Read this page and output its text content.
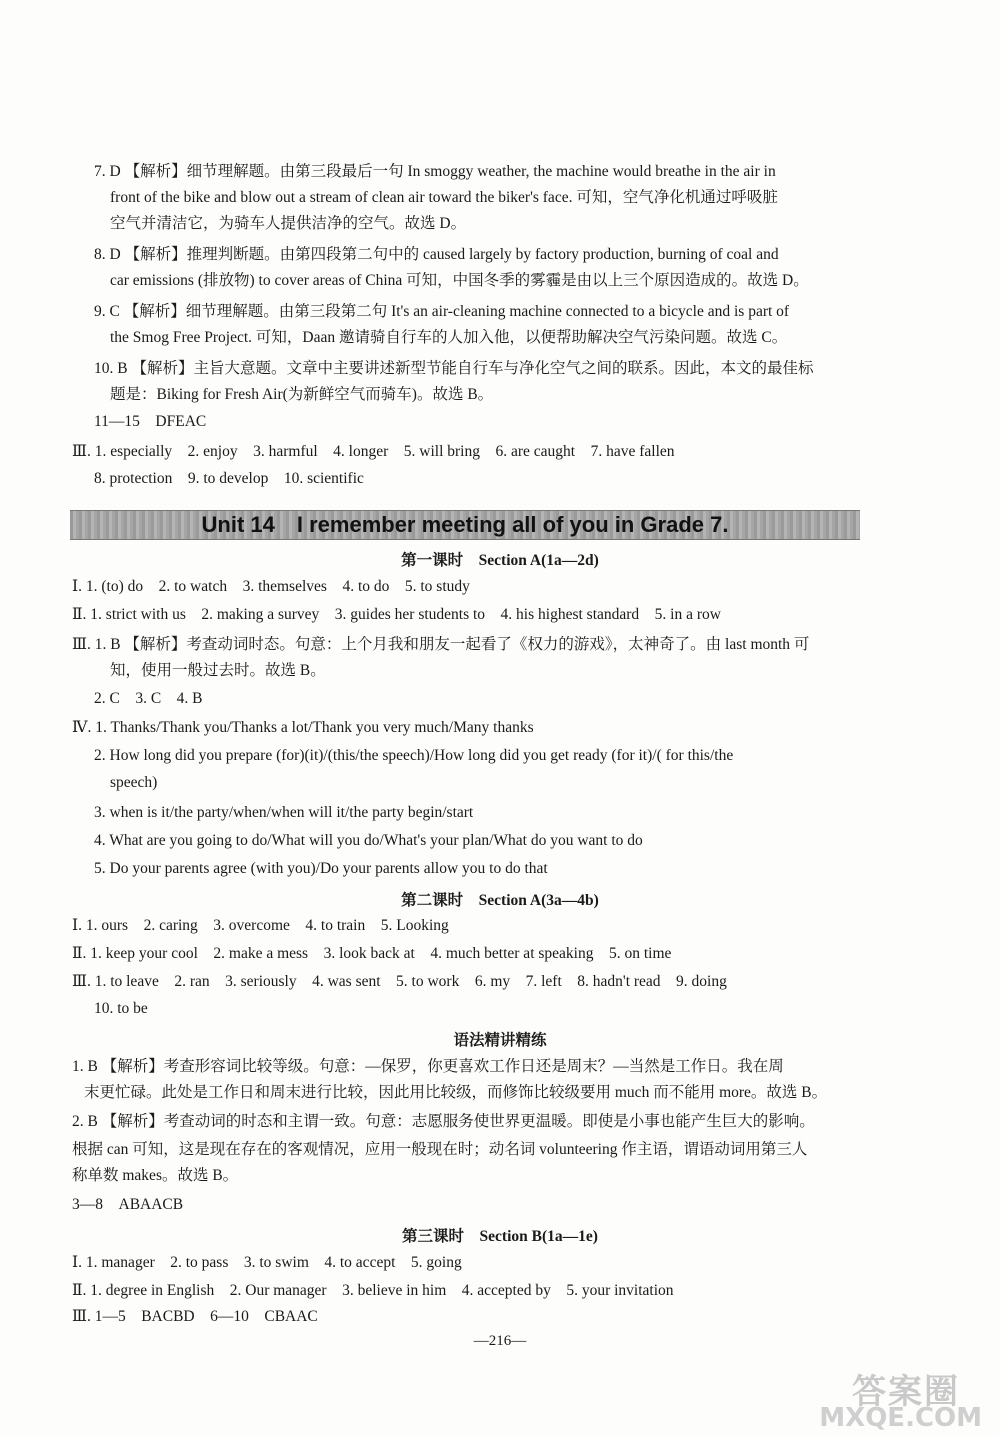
7. D 【解析】细节理解题。由第三段最后一句 In smoggy weather, the machine would breathe in the air in
front of the bike and blow out a stream of clean air toward the biker's face. 可知，空气净化机通过呼吸脏
空气并清洁它，为骑车人提供洁净的空气。故选 D。
8. D 【解析】推理判断题。由第四段第二句中的 caused largely by factory production, burning of coal and
car emissions (排放物) to cover areas of China 可知，中国冬季的雾霾是由以上三个原因造成的。故选 D。
9. C 【解析】细节理解题。由第三段第二句 It's an air-cleaning machine connected to a bicycle and is part of
the Smog Free Project. 可知，Daan 邀请骑自行车的人加入他，以便帮助解决空气污染问题。故选 C。
10. B 【解析】主旨大意题。文章中主要讲述新型节能自行车与净化空气之间的联系。因此，本文的最佳标
题是：Biking for Fresh Air(为新鲜空气而骑车)。故选 B。
11—15　DFEAC
Ⅲ. 1. especially　2. enjoy　3. harmful　4. longer　5. will bring　6. are caught　7. have fallen
8. protection　9. to develop　10. scientific
Unit 14　I remember meeting all of you in Grade 7.
第一课时　Section A(1a—2d)
Ⅰ. 1. (to) do　2. to watch　3. themselves　4. to do　5. to study
Ⅱ. 1. strict with us　2. making a survey　3. guides her students to　4. his highest standard　5. in a row
Ⅲ. 1. B 【解析】考查动词时态。句意：上个月我和朋友一起看了《权力的游戏》，太神奇了。由 last month 可
知，使用一般过去时。故选 B。
2. C　3. C　4. B
Ⅳ. 1. Thanks/Thank you/Thanks a lot/Thank you very much/Many thanks
2. How long did you prepare (for)(it)/(this/the speech)/How long did you get ready (for it)/( for this/the
speech)
3. when is it/the party/when/when will it/the party begin/start
4. What are you going to do/What will you do/What's your plan/What do you want to do
5. Do your parents agree (with you)/Do your parents allow you to do that
第二课时　Section A(3a—4b)
Ⅰ. 1. ours　2. caring　3. overcome　4. to train　5. Looking
Ⅱ. 1. keep your cool　2. make a mess　3. look back at　4. much better at speaking　5. on time
Ⅲ. 1. to leave　2. ran　3. seriously　4. was sent　5. to work　6. my　7. left　8. hadn't read　9. doing
10. to be
语法精讲精练
1. B 【解析】考查形容词比较等级。句意：—保罗，你更喜欢工作日还是周末？—当然是工作日。我在周
末更忙碌。此处是工作日和周末进行比较，因此用比较级，而修饰比较级要用 much 而不能用 more。故选 B。
2. B 【解析】考查动词的时态和主谓一致。句意：志愿服务使世界更温暖。即使是小事也能产生巨大的影响。
根据 can 可知，这是现在存在的客观情况，应用一般现在时；动名词 volunteering 作主语，谓语动词用第三人
称单数 makes。故选 B。
3—8　ABAACB
第三课时　Section B(1a—1e)
Ⅰ. 1. manager　2. to pass　3. to swim　4. to accept　5. going
Ⅱ. 1. degree in English　2. Our manager　3. believe in him　4. accepted by　5. your invitation
Ⅲ. 1—5　BACBD　6—10　CBAAC
—216—
答案圈
MXQE.COM
